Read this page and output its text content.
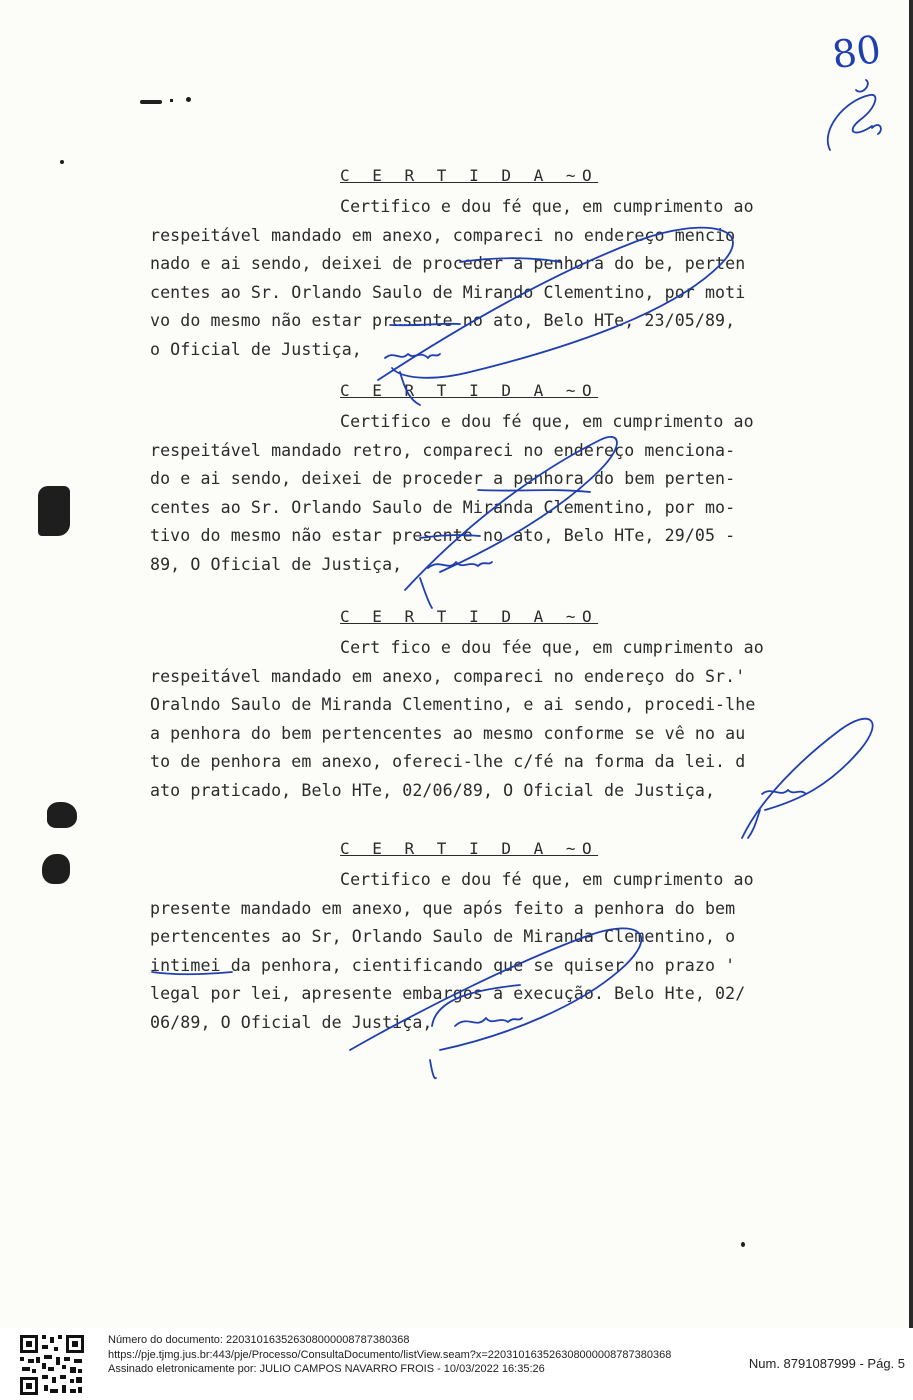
C E R T I D A ~O
Certifico e dou fé que, em cumprimento ao
respeitável mandado em anexo, compareci no endereço mencio
nado e ai sendo, deixei de proceder a penhora do be, perten
centes ao Sr. Orlando Saulo de Mirando Clementino, por moti
vo do mesmo não estar presente no ato, Belo HTe, 23/05/89,
o Oficial de Justiça,
C E R T I D A ~O
Certifico e dou fé que, em cumprimento ao
respeitável mandado retro, compareci no endereço menciona-
do e ai sendo, deixei de proceder a penhora do bem perten-
centes ao Sr. Orlando Saulo de Miranda Clementino, por mo-
tivo do mesmo não estar presente no ato, Belo HTe, 29/05 -
89, O Oficial de Justiça,
C E R T I D A ~O
Cert fico e dou fée que, em cumprimento ao
respeitável mandado em anexo, compareci no endereço do Sr.'
Oralndo Saulo de Miranda Clementino, e ai sendo, procedi-lhe
a penhora do bem pertencentes ao mesmo conforme se vê no au
to de penhora em anexo, ofereci-lhe c/fé na forma da lei. d
ato praticado, Belo HTe, 02/06/89, O Oficial de Justiça,
C E R T I D A ~O
Certifico e dou fé que, em cumprimento ao
presente mandado em anexo, que após feito a penhora do bem
pertencentes ao Sr, Orlando Saulo de Miranda Clementino, o
intimei da penhora, cientificando que se quiser no prazo '
legal por lei, apresente embargos a execução. Belo Hte, 02/
06/89, O Oficial de Justiça,
80
Número do documento: 22031016352630800000878738036​8
https://pje.tjmg.jus.br:443/pje/Processo/ConsultaDocumento/listView.seam?x=22031016352630800000878738036​8
Assinado eletronicamente por: JULIO CAMPOS NAVARRO FROIS - 10/03/2022 16:35:26	Num. 8791087999 - Pág. 5
